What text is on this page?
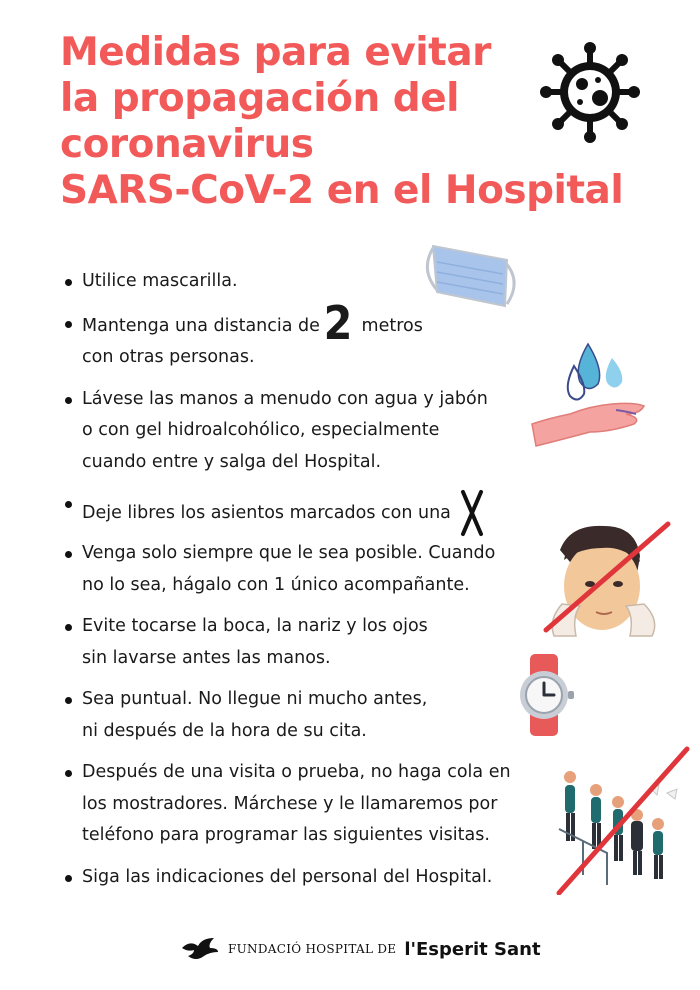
Medidas para evitar
la propagación del
coronavirus
SARS-CoV-2 en el Hospital
Utilice mascarilla.
Mantenga una distancia de2 metros
con otras personas.
Lávese las manos a menudo con agua y jabón
o con gel hidroalcohólico, especialmente
cuando entre y salga del Hospital.
Deje libres los asientos marcados con una
Venga solo siempre que le sea posible. Cuando
no lo sea, hágalo con 1 único acompañante.
Evite tocarse la boca, la nariz y los ojos
sin lavarse antes las manos.
Sea puntual. No llegue ni mucho antes,
ni después de la hora de su cita.
Después de una visita o prueba, no haga cola en
los mostradores. Márchese y le llamaremos por
teléfono para programar las siguientes visitas.
Siga las indicaciones del personal del Hospital.
FUNDACIÓ HOSPITAL DE l'Esperit Sant
